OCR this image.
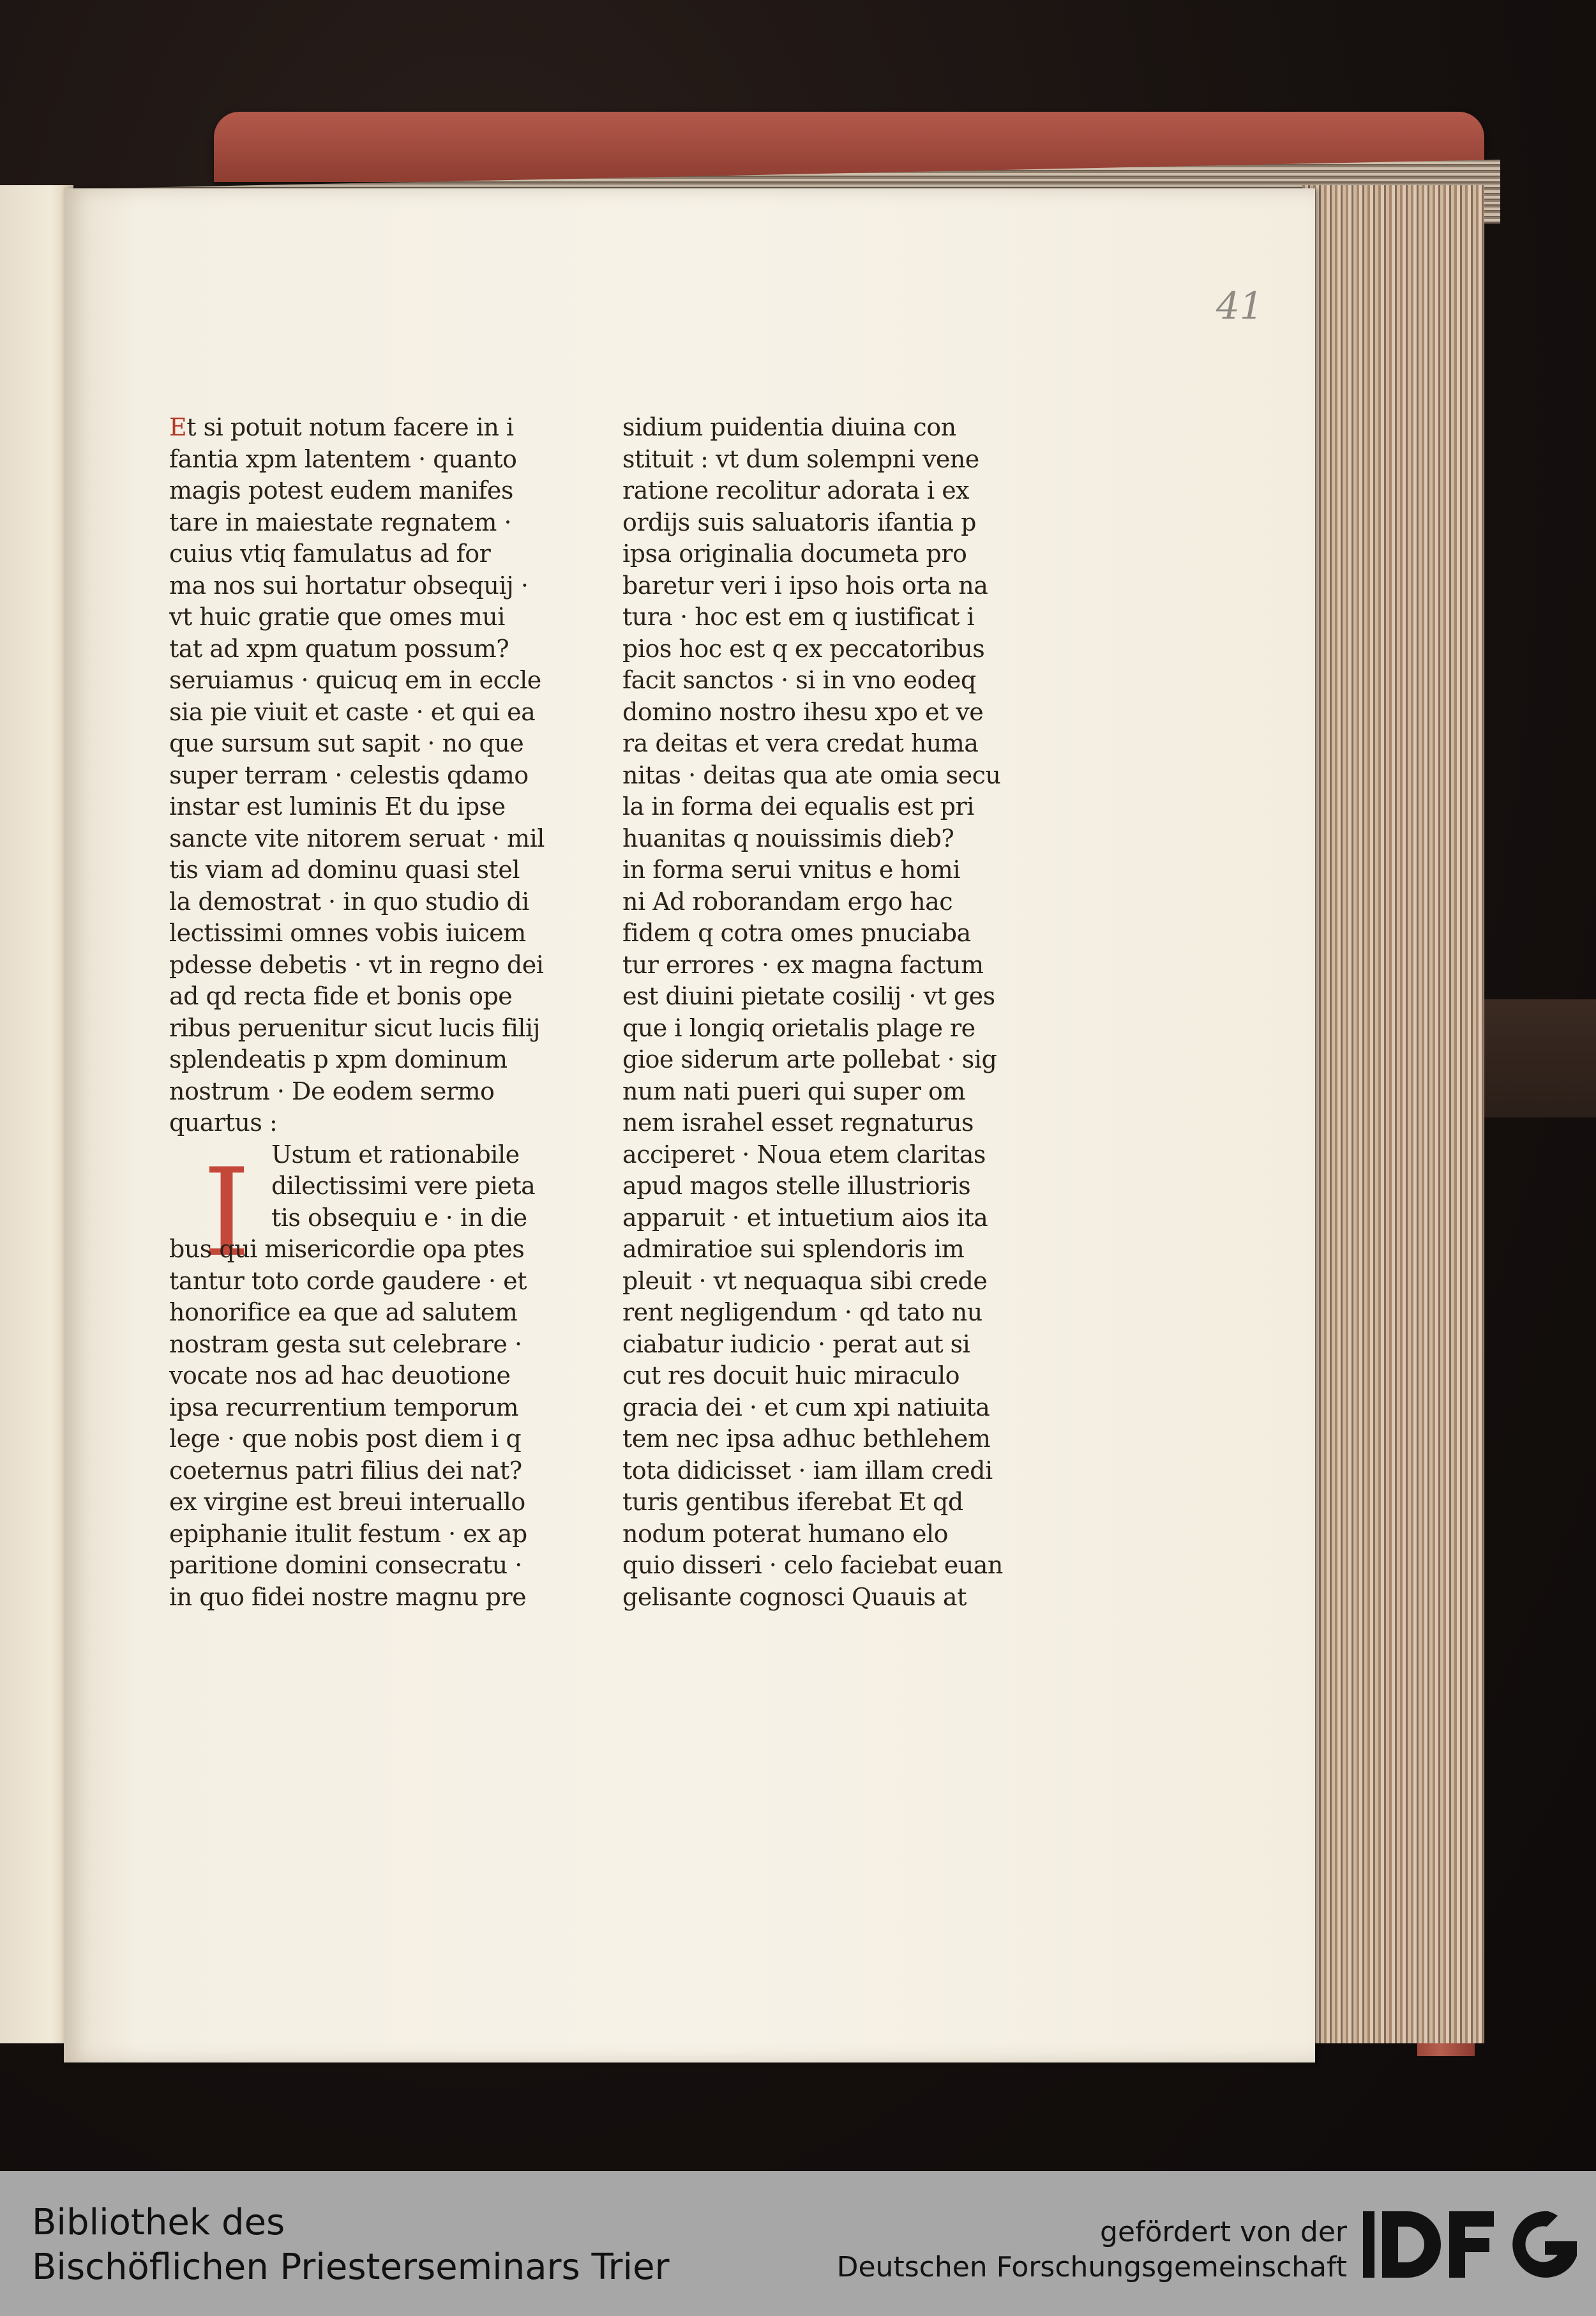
41
I
Et si potuit notum facere in i
fantia xpm latentem · quanto
magis potest eudem manifes
tare in maiestate regnatem ·
cuius vtiq famulatus ad for
ma nos sui hortatur obsequij ·
vt huic gratie que omes mui
tat ad xpm quatum possum?
seruiamus · quicuq em in eccle
sia pie viuit et caste · et qui ea
que sursum sut sapit · no que
super terram · celestis qdamo
instar est luminis Et du ipse
sancte vite nitorem seruat · mil
tis viam ad dominu quasi stel
la demostrat · in quo studio di
lectissimi omnes vobis iuicem
pdesse debetis · vt in regno dei
ad qd recta fide et bonis ope
ribus peruenitur sicut lucis filij
splendeatis p xpm dominum
nostrum · De eodem sermo
quartus :
Ustum et rationabile
dilectissimi vere pieta
tis obsequiu e · in die
bus qui misericordie opa ptes
tantur toto corde gaudere · et
honorifice ea que ad salutem
nostram gesta sut celebrare ·
vocate nos ad hac deuotione
ipsa recurrentium temporum
lege · que nobis post diem i q
coeternus patri filius dei nat?
ex virgine est breui interuallo
epiphanie itulit festum · ex ap
paritione domini consecratu ·
in quo fidei nostre magnu pre
sidium puidentia diuina con
stituit : vt dum solempni vene
ratione recolitur adorata i ex
ordijs suis saluatoris ifantia p
ipsa originalia documeta pro
baretur veri i ipso hois orta na
tura · hoc est em q iustificat i
pios hoc est q ex peccatoribus
facit sanctos · si in vno eodeq
domino nostro ihesu xpo et ve
ra deitas et vera credat huma
nitas · deitas qua ate omia secu
la in forma dei equalis est pri
huanitas q nouissimis dieb?
in forma serui vnitus e homi
ni Ad roborandam ergo hac
fidem q cotra omes pnuciaba
tur errores · ex magna factum
est diuini pietate cosilij · vt ges
que i longiq orietalis plage re
gioe siderum arte pollebat · sig
num nati pueri qui super om
nem israhel esset regnaturus
acciperet · Noua etem claritas
apud magos stelle illustrioris
apparuit · et intuetium aios ita
admiratioe sui splendoris im
pleuit · vt nequaqua sibi crede
rent negligendum · qd tato nu
ciabatur iudicio · perat aut si
cut res docuit huic miraculo
gracia dei · et cum xpi natiuita
tem nec ipsa adhuc bethlehem
tota didicisset · iam illam credi
turis gentibus iferebat Et qd
nodum poterat humano elo
quio disseri · celo faciebat euan
gelisante cognosci Quauis at
Bibliothek des
Bischöflichen Priesterseminars Trier
gefördert von der
Deutschen Forschungsgemeinschaft
